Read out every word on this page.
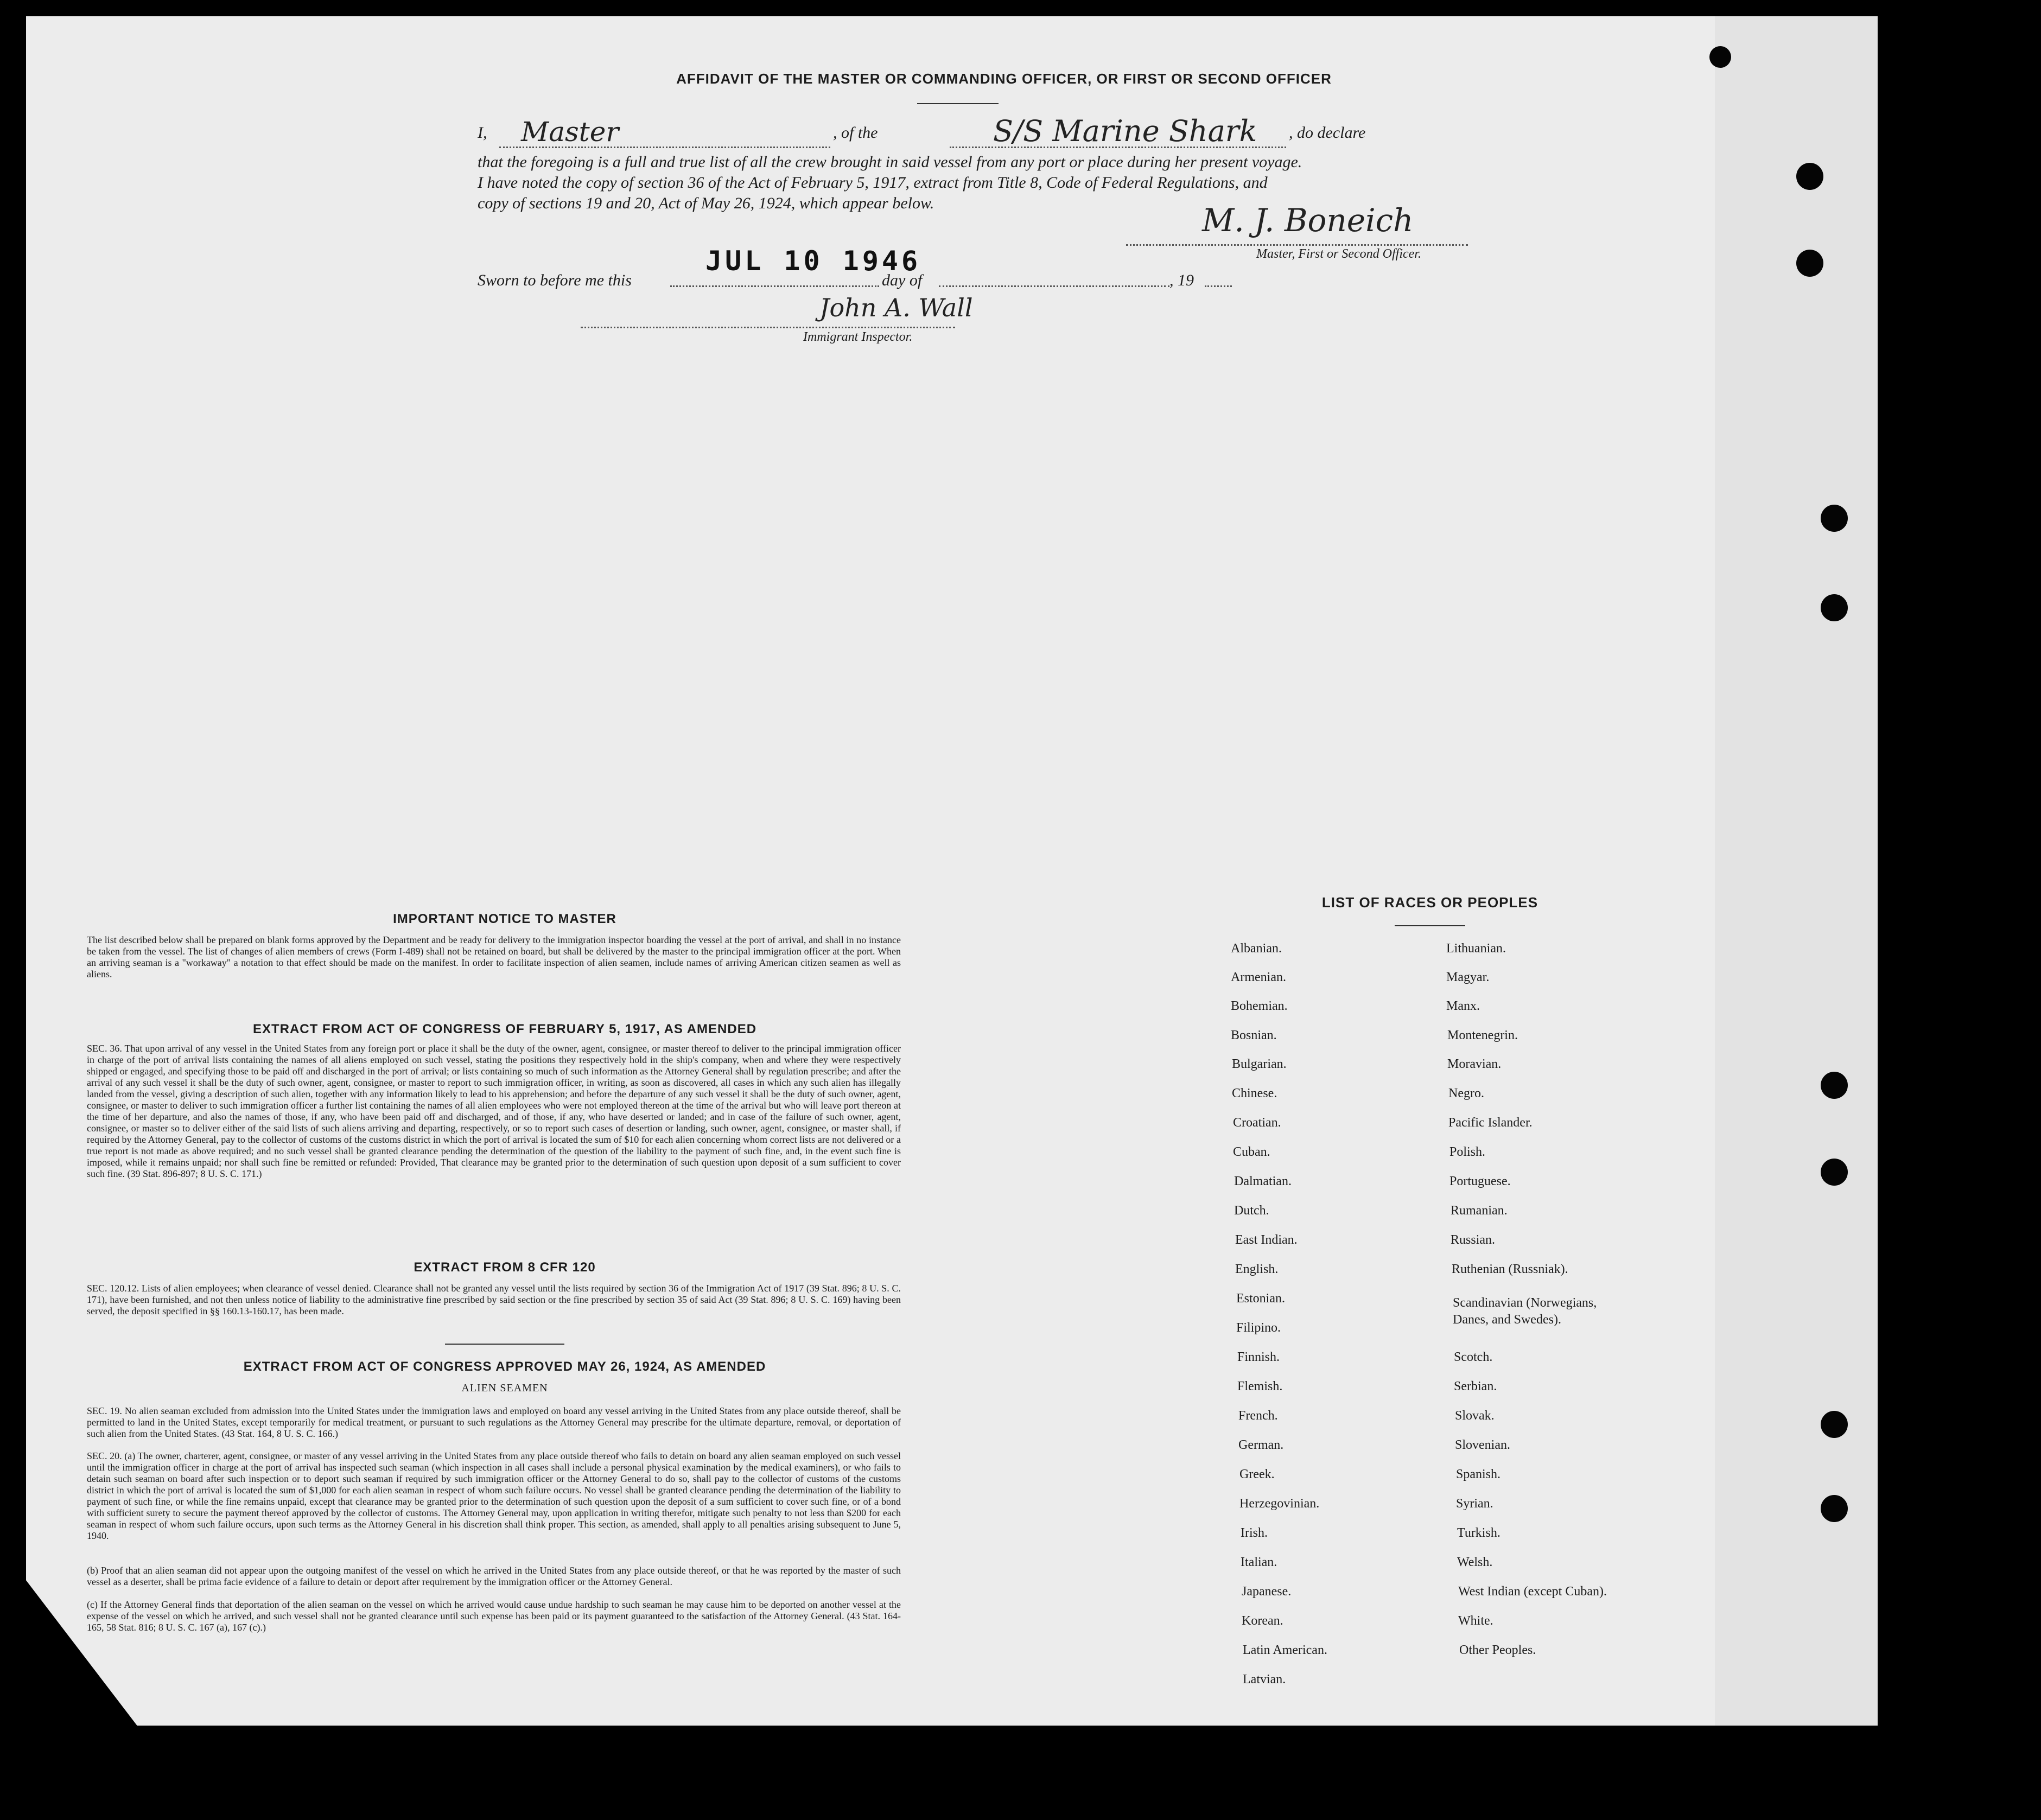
AFFIDAVIT OF THE MASTER OR COMMANDING OFFICER, OR FIRST OR SECOND OFFICER
I, Master	, of the	S/S Marine Shark , do declare
that the foregoing is a full and true list of all the crew brought in said vessel from any port or place during her present voyage.
I have noted the copy of section 36 of the Act of February 5, 1917, extract from Title 8, Code of Federal Regulations, and
copy of sections 19 and 20, Act of May 26, 1924, which appear below.	M. J. Boneich
Master, First or Second Officer.
Sworn to before me this
JUL 10 1946
day of	, 19
John A. Wall
Immigrant Inspector.
IMPORTANT NOTICE TO MASTER
The list described below shall be prepared on blank forms approved by the Department and be ready for delivery to the immigration inspector boarding the vessel at the port of arrival, and shall in no instance be taken from the vessel. The list of changes of alien members of crews (Form I-489) shall not be retained on board, but shall be delivered by the master to the principal immigration officer at the port. When an arriving seaman is a "workaway" a notation to that effect should be made on the manifest. In order to facilitate inspection of alien seamen, include names of arriving American citizen seamen as well as aliens.
EXTRACT FROM ACT OF CONGRESS OF FEBRUARY 5, 1917, AS AMENDED
SEC. 36. That upon arrival of any vessel in the United States from any foreign port or place it shall be the duty of the owner, agent, consignee, or master thereof to deliver to the principal immigration officer in charge of the port of arrival lists containing the names of all aliens employed on such vessel, stating the positions they respectively hold in the ship's company, when and where they were respectively shipped or engaged, and specifying those to be paid off and discharged in the port of arrival; or lists containing so much of such information as the Attorney General shall by regulation prescribe; and after the arrival of any such vessel it shall be the duty of such owner, agent, consignee, or master to report to such immigration officer, in writing, as soon as discovered, all cases in which any such alien has illegally landed from the vessel, giving a description of such alien, together with any information likely to lead to his apprehension; and before the departure of any such vessel it shall be the duty of such owner, agent, consignee, or master to deliver to such immigration officer a further list containing the names of all alien employees who were not employed thereon at the time of the arrival but who will leave port thereon at the time of her departure, and also the names of those, if any, who have been paid off and discharged, and of those, if any, who have deserted or landed; and in case of the failure of such owner, agent, consignee, or master so to deliver either of the said lists of such aliens arriving and departing, respectively, or so to report such cases of desertion or landing, such owner, agent, consignee, or master shall, if required by the Attorney General, pay to the collector of customs of the customs district in which the port of arrival is located the sum of $10 for each alien concerning whom correct lists are not delivered or a true report is not made as above required; and no such vessel shall be granted clearance pending the determination of the question of the liability to the payment of such fine, and, in the event such fine is imposed, while it remains unpaid; nor shall such fine be remitted or refunded: Provided, That clearance may be granted prior to the determination of such question upon deposit of a sum sufficient to cover such fine. (39 Stat. 896-897; 8 U. S. C. 171.)
EXTRACT FROM 8 CFR 120
SEC. 120.12. Lists of alien employees; when clearance of vessel denied. Clearance shall not be granted any vessel until the lists required by section 36 of the Immigration Act of 1917 (39 Stat. 896; 8 U. S. C. 171), have been furnished, and not then unless notice of liability to the administrative fine prescribed by said section or the fine prescribed by section 35 of said Act (39 Stat. 896; 8 U. S. C. 169) having been served, the deposit specified in §§ 160.13-160.17, has been made.
EXTRACT FROM ACT OF CONGRESS APPROVED MAY 26, 1924, AS AMENDED
ALIEN SEAMEN
SEC. 19. No alien seaman excluded from admission into the United States under the immigration laws and employed on board any vessel arriving in the United States from any place outside thereof, shall be permitted to land in the United States, except temporarily for medical treatment, or pursuant to such regulations as the Attorney General may prescribe for the ultimate departure, removal, or deportation of such alien from the United States. (43 Stat. 164, 8 U. S. C. 166.)
SEC. 20. (a) The owner, charterer, agent, consignee, or master of any vessel arriving in the United States from any place outside thereof who fails to detain on board any alien seaman employed on such vessel until the immigration officer in charge at the port of arrival has inspected such seaman (which inspection in all cases shall include a personal physical examination by the medical examiners), or who fails to detain such seaman on board after such inspection or to deport such seaman if required by such immigration officer or the Attorney General to do so, shall pay to the collector of customs of the customs district in which the port of arrival is located the sum of $1,000 for each alien seaman in respect of whom such failure occurs. No vessel shall be granted clearance pending the determination of the liability to payment of such fine, or while the fine remains unpaid, except that clearance may be granted prior to the determination of such question upon the deposit of a sum sufficient to cover such fine, or of a bond with sufficient surety to secure the payment thereof approved by the collector of customs. The Attorney General may, upon application in writing therefor, mitigate such penalty to not less than $200 for each seaman in respect of whom such failure occurs, upon such terms as the Attorney General in his discretion shall think proper. This section, as amended, shall apply to all penalties arising subsequent to June 5, 1940.
(b) Proof that an alien seaman did not appear upon the outgoing manifest of the vessel on which he arrived in the United States from any place outside thereof, or that he was reported by the master of such vessel as a deserter, shall be prima facie evidence of a failure to detain or deport after requirement by the immigration officer or the Attorney General.
(c) If the Attorney General finds that deportation of the alien seaman on the vessel on which he arrived would cause undue hardship to such seaman he may cause him to be deported on another vessel at the expense of the vessel on which he arrived, and such vessel shall not be granted clearance until such expense has been paid or its payment guaranteed to the satisfaction of the Attorney General. (43 Stat. 164-165, 58 Stat. 816; 8 U. S. C. 167 (a), 167 (c).)
LIST OF RACES OR PEOPLES
Albanian.
Armenian.
Bohemian.
Bosnian.
Bulgarian.
Chinese.
Croatian.
Cuban.
Dalmatian.
Dutch.
East Indian.
English.
Estonian.
Filipino.
Finnish.
Flemish.
French.
German.
Greek.
Herzegovinian.
Irish.
Italian.
Japanese.
Korean.
Latin American.
Latvian.
Lithuanian.
Magyar.
Manx.
Montenegrin.
Moravian.
Negro.
Pacific Islander.
Polish.
Portuguese.
Rumanian.
Russian.
Ruthenian (Russniak).
Scandinavian (Norwegians,
Danes, and Swedes).
Scotch.
Serbian.
Slovak.
Slovenian.
Spanish.
Syrian.
Turkish.
Welsh.
West Indian (except Cuban).
White.
Other Peoples.
